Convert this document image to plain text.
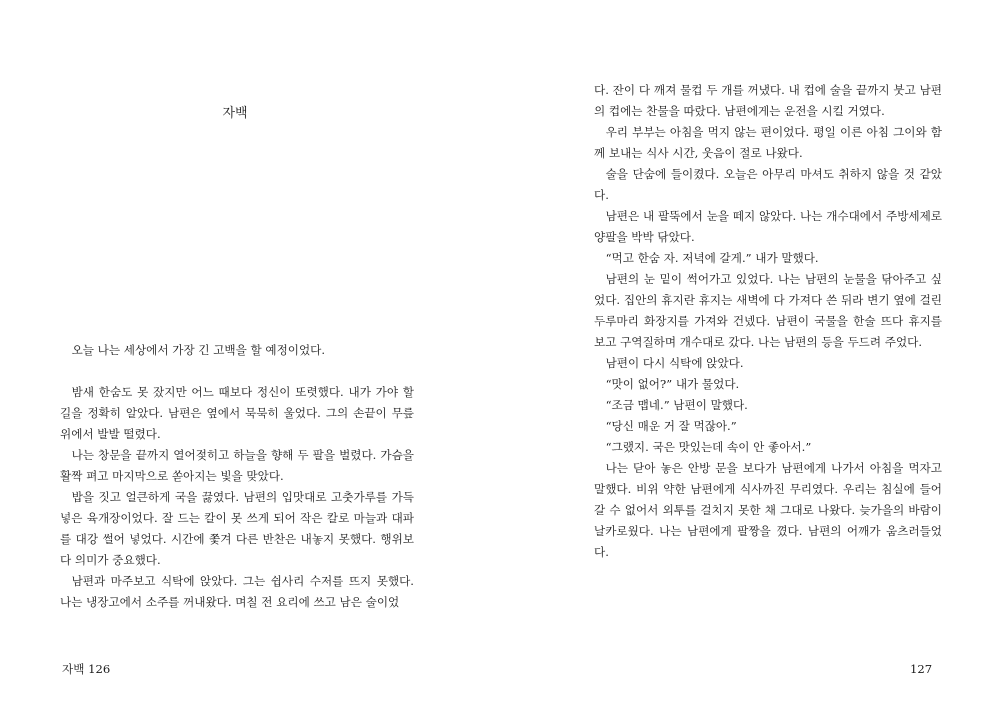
자백

오늘 나는 세상에서 가장 긴 고백을 할 예정이었다.

밤새 한숨도 못 잤지만 어느 때보다 정신이 또렷했다. 내가 가야 할 길을 정확히 알았다. 남편은 옆에서 묵묵히 울었다. 그의 손끝이 무릎 위에서 발발 떨렸다.

나는 창문을 끝까지 열어젖히고 하늘을 향해 두 팔을 벌렸다. 가슴을 활짝 펴고 마지막으로 쏟아지는 빛을 맞았다.

밥을 짓고 얼큰하게 국을 끓였다. 남편의 입맛대로 고춧가루를 가득 넣은 육개장이었다. 잘 드는 칼이 못 쓰게 되어 작은 칼로 마늘과 대파를 대강 썰어 넣었다. 시간에 쫓겨 다른 반찬은 내놓지 못했다. 행위보다 의미가 중요했다.

남편과 마주보고 식탁에 앉았다. 그는 쉽사리 수저를 뜨지 못했다. 나는 냉장고에서 소주를 꺼내왔다. 며칠 전 요리에 쓰고 남은 술이었

자백 126

다. 잔이 다 깨져 물컵 두 개를 꺼냈다. 내 컵에 술을 끝까지 붓고 남편의 컵에는 찬물을 따랐다. 남편에게는 운전을 시킬 거였다.

우리 부부는 아침을 먹지 않는 편이었다. 평일 이른 아침 그이와 함께 보내는 식사 시간, 웃음이 절로 나왔다.

술을 단숨에 들이켰다. 오늘은 아무리 마셔도 취하지 않을 것 같았다.

남편은 내 팔뚝에서 눈을 떼지 않았다. 나는 개수대에서 주방세제로 양팔을 박박 닦았다.

“먹고 한숨 자. 저녁에 갈게.” 내가 말했다.

남편의 눈 밑이 썩어가고 있었다. 나는 남편의 눈물을 닦아주고 싶었다. 집안의 휴지란 휴지는 새벽에 다 가져다 쓴 뒤라 변기 옆에 걸린 두루마리 화장지를 가져와 건넸다. 남편이 국물을 한술 뜨다 휴지를 보고 구역질하며 개수대로 갔다. 나는 남편의 등을 두드려 주었다.

남편이 다시 식탁에 앉았다.

“맛이 없어?” 내가 물었다.

“조금 맵네.” 남편이 말했다.

“당신 매운 거 잘 먹잖아.”

“그랬지. 국은 맛있는데 속이 안 좋아서.”

나는 닫아 놓은 안방 문을 보다가 남편에게 나가서 아침을 먹자고 말했다. 비위 약한 남편에게 식사까진 무리였다. 우리는 침실에 들어갈 수 없어서 외투를 걸치지 못한 채 그대로 나왔다. 늦가을의 바람이 날카로웠다. 나는 남편에게 팔짱을 꼈다. 남편의 어깨가 움츠러들었다.

127
